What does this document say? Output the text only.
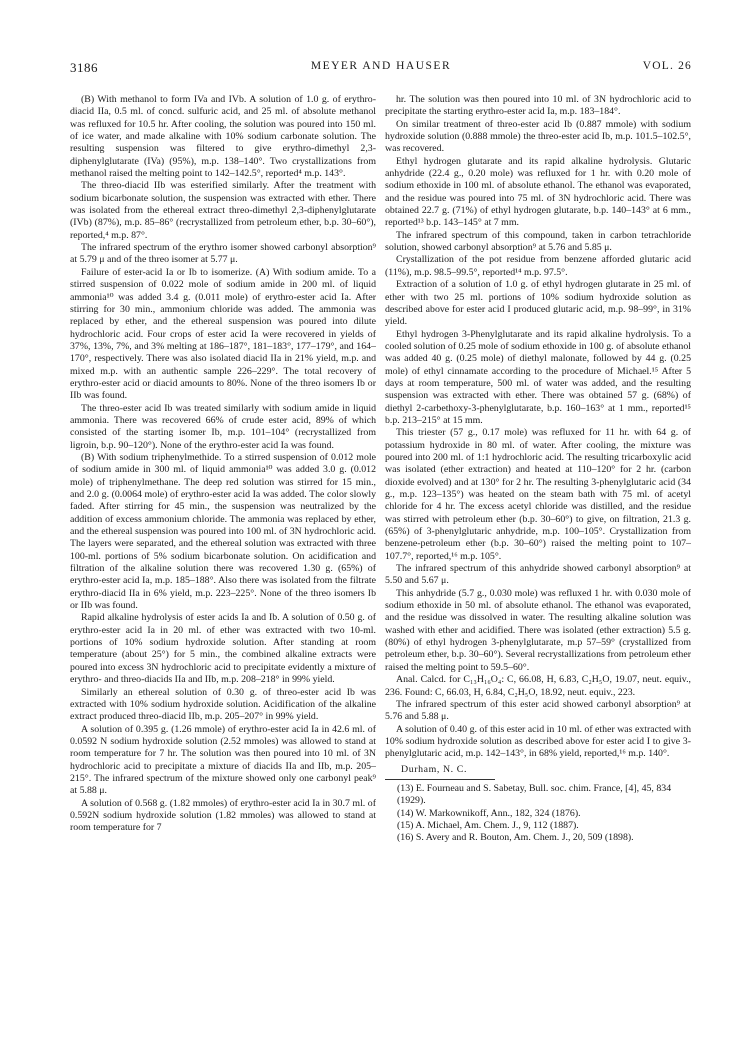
3186	MEYER AND HAUSER	VOL. 26

(B) With methanol to form IVa and IVb. A solution of 1.0 g. of erythro-diacid IIa, 0.5 ml. of concd. sulfuric acid, and 25 ml. of absolute methanol was refluxed for 10.5 hr. After cooling, the solution was poured into 150 ml. of ice water, and made alkaline with 10% sodium carbonate solution. The resulting suspension was filtered to give erythro-dimethyl 2,3-diphenylglutarate (IVa) (95%), m.p. 138–140°. Two crystallizations from methanol raised the melting point to 142–142.5°, reported⁴ m.p. 143°.

The threo-diacid IIb was esterified similarly. After the treatment with sodium bicarbonate solution, the suspension was extracted with ether. There was isolated from the ethereal extract threo-dimethyl 2,3-diphenylglutarate (IVb) (87%), m.p. 85–86° (recrystallized from petroleum ether, b.p. 30–60°), reported,⁴ m.p. 87°.

The infrared spectrum of the erythro isomer showed carbonyl absorption⁹ at 5.79 μ and of the threo isomer at 5.77 μ.

Failure of ester-acid Ia or Ib to isomerize. (A) With sodium amide. To a stirred suspension of 0.022 mole of sodium amide in 200 ml. of liquid ammonia¹⁰ was added 3.4 g. (0.011 mole) of erythro-ester acid Ia. After stirring for 30 min., ammonium chloride was added. The ammonia was replaced by ether, and the ethereal suspension was poured into dilute hydrochloric acid. Four crops of ester acid Ia were recovered in yields of 37%, 13%, 7%, and 3% melting at 186–187°, 181–183°, 177–179°, and 164–170°, respectively. There was also isolated diacid IIa in 21% yield, m.p. and mixed m.p. with an authentic sample 226–229°. The total recovery of erythro-ester acid or diacid amounts to 80%. None of the threo isomers Ib or IIb was found.

The threo-ester acid Ib was treated similarly with sodium amide in liquid ammonia. There was recovered 66% of crude ester acid, 89% of which consisted of the starting isomer Ib, m.p. 101–104° (recrystallized from ligroin, b.p. 90–120°). None of the erythro-ester acid Ia was found.

(B) With sodium triphenylmethide. To a stirred suspension of 0.012 mole of sodium amide in 300 ml. of liquid ammonia¹⁰ was added 3.0 g. (0.012 mole) of triphenylmethane. The deep red solution was stirred for 15 min., and 2.0 g. (0.0064 mole) of erythro-ester acid Ia was added. The color slowly faded. After stirring for 45 min., the suspension was neutralized by the addition of excess ammonium chloride. The ammonia was replaced by ether, and the ethereal suspension was poured into 100 ml. of 3N hydrochloric acid. The layers were separated, and the ethereal solution was extracted with three 100-ml. portions of 5% sodium bicarbonate solution. On acidification and filtration of the alkaline solution there was recovered 1.30 g. (65%) of erythro-ester acid Ia, m.p. 185–188°. Also there was isolated from the filtrate erythro-diacid IIa in 6% yield, m.p. 223–225°. None of the threo isomers Ib or IIb was found.

Rapid alkaline hydrolysis of ester acids Ia and Ib. A solution of 0.50 g. of erythro-ester acid Ia in 20 ml. of ether was extracted with two 10-ml. portions of 10% sodium hydroxide solution. After standing at room temperature (about 25°) for 5 min., the combined alkaline extracts were poured into excess 3N hydrochloric acid to precipitate evidently a mixture of erythro- and threo-diacids IIa and IIb, m.p. 208–218° in 99% yield.

Similarly an ethereal solution of 0.30 g. of threo-ester acid Ib was extracted with 10% sodium hydroxide solution. Acidification of the alkaline extract produced threo-diacid IIb, m.p. 205–207° in 99% yield.

A solution of 0.395 g. (1.26 mmole) of erythro-ester acid Ia in 42.6 ml. of 0.0592 N sodium hydroxide solution (2.52 mmoles) was allowed to stand at room temperature for 7 hr. The solution was then poured into 10 ml. of 3N hydrochloric acid to precipitate a mixture of diacids IIa and IIb, m.p. 205–215°. The infrared spectrum of the mixture showed only one carbonyl peak⁹ at 5.88 μ.

A solution of 0.568 g. (1.82 mmoles) of erythro-ester acid Ia in 30.7 ml. of 0.592N sodium hydroxide solution (1.82 mmoles) was allowed to stand at room temperature for 7

hr. The solution was then poured into 10 ml. of 3N hydrochloric acid to precipitate the starting erythro-ester acid Ia, m.p. 183–184°.

On similar treatment of threo-ester acid Ib (0.887 mmole) with sodium hydroxide solution (0.888 mmole) the threo-ester acid Ib, m.p. 101.5–102.5°, was recovered.

Ethyl hydrogen glutarate and its rapid alkaline hydrolysis. Glutaric anhydride (22.4 g., 0.20 mole) was refluxed for 1 hr. with 0.20 mole of sodium ethoxide in 100 ml. of absolute ethanol. The ethanol was evaporated, and the residue was poured into 75 ml. of 3N hydrochloric acid. There was obtained 22.7 g. (71%) of ethyl hydrogen glutarate, b.p. 140–143° at 6 mm., reported¹³ b.p. 143–145° at 7 mm.

The infrared spectrum of this compound, taken in carbon tetrachloride solution, showed carbonyl absorption⁹ at 5.76 and 5.85 μ.

Crystallization of the pot residue from benzene afforded glutaric acid (11%), m.p. 98.5–99.5°, reported¹⁴ m.p. 97.5°.

Extraction of a solution of 1.0 g. of ethyl hydrogen glutarate in 25 ml. of ether with two 25 ml. portions of 10% sodium hydroxide solution as described above for ester acid I produced glutaric acid, m.p. 98–99°, in 31% yield.

Ethyl hydrogen 3-Phenylglutarate and its rapid alkaline hydrolysis. To a cooled solution of 0.25 mole of sodium ethoxide in 100 g. of absolute ethanol was added 40 g. (0.25 mole) of diethyl malonate, followed by 44 g. (0.25 mole) of ethyl cinnamate according to the procedure of Michael.¹⁵ After 5 days at room temperature, 500 ml. of water was added, and the resulting suspension was extracted with ether. There was obtained 57 g. (68%) of diethyl 2-carbethoxy-3-phenylglutarate, b.p. 160–163° at 1 mm., reported¹⁵ b.p. 213–215° at 15 mm.

This triester (57 g., 0.17 mole) was refluxed for 11 hr. with 64 g. of potassium hydroxide in 80 ml. of water. After cooling, the mixture was poured into 200 ml. of 1:1 hydrochloric acid. The resulting tricarboxylic acid was isolated (ether extraction) and heated at 110–120° for 2 hr. (carbon dioxide evolved) and at 130° for 2 hr. The resulting 3-phenylglutaric acid (34 g., m.p. 123–135°) was heated on the steam bath with 75 ml. of acetyl chloride for 4 hr. The excess acetyl chloride was distilled, and the residue was stirred with petroleum ether (b.p. 30–60°) to give, on filtration, 21.3 g. (65%) of 3-phenylglutaric anhydride, m.p. 100–105°. Crystallization from benzene-petroleum ether (b.p. 30–60°) raised the melting point to 107–107.7°, reported,¹⁶ m.p. 105°.

The infrared spectrum of this anhydride showed carbonyl absorption⁹ at 5.50 and 5.67 μ.

This anhydride (5.7 g., 0.030 mole) was refluxed 1 hr. with 0.030 mole of sodium ethoxide in 50 ml. of absolute ethanol. The ethanol was evaporated, and the residue was dissolved in water. The resulting alkaline solution was washed with ether and acidified. There was isolated (ether extraction) 5.5 g. (80%) of ethyl hydrogen 3-phenylglutarate, m.p 57–59° (crystallized from petroleum ether, b.p. 30–60°). Several recrystallizations from petroleum ether raised the melting point to 59.5–60°.

Anal. Calcd. for C₁₃H₁₆O₄: C, 66.08, H, 6.83, C₂H₅O, 19.07, neut. equiv., 236. Found: C, 66.03, H, 6.84, C₂H₅O, 18.92, neut. equiv., 223.

The infrared spectrum of this ester acid showed carbonyl absorption⁹ at 5.76 and 5.88 μ.

A solution of 0.40 g. of this ester acid in 10 ml. of ether was extracted with 10% sodium hydroxide solution as described above for ester acid I to give 3-phenylglutaric acid, m.p. 142–143°, in 68% yield, reported,¹⁶ m.p. 140°.

Durham, N. C.

(13) E. Fourneau and S. Sabetay, Bull. soc. chim. France, [4], 45, 834 (1929).

(14) W. Markownikoff, Ann., 182, 324 (1876).

(15) A. Michael, Am. Chem. J., 9, 112 (1887).

(16) S. Avery and R. Bouton, Am. Chem. J., 20, 509 (1898).
